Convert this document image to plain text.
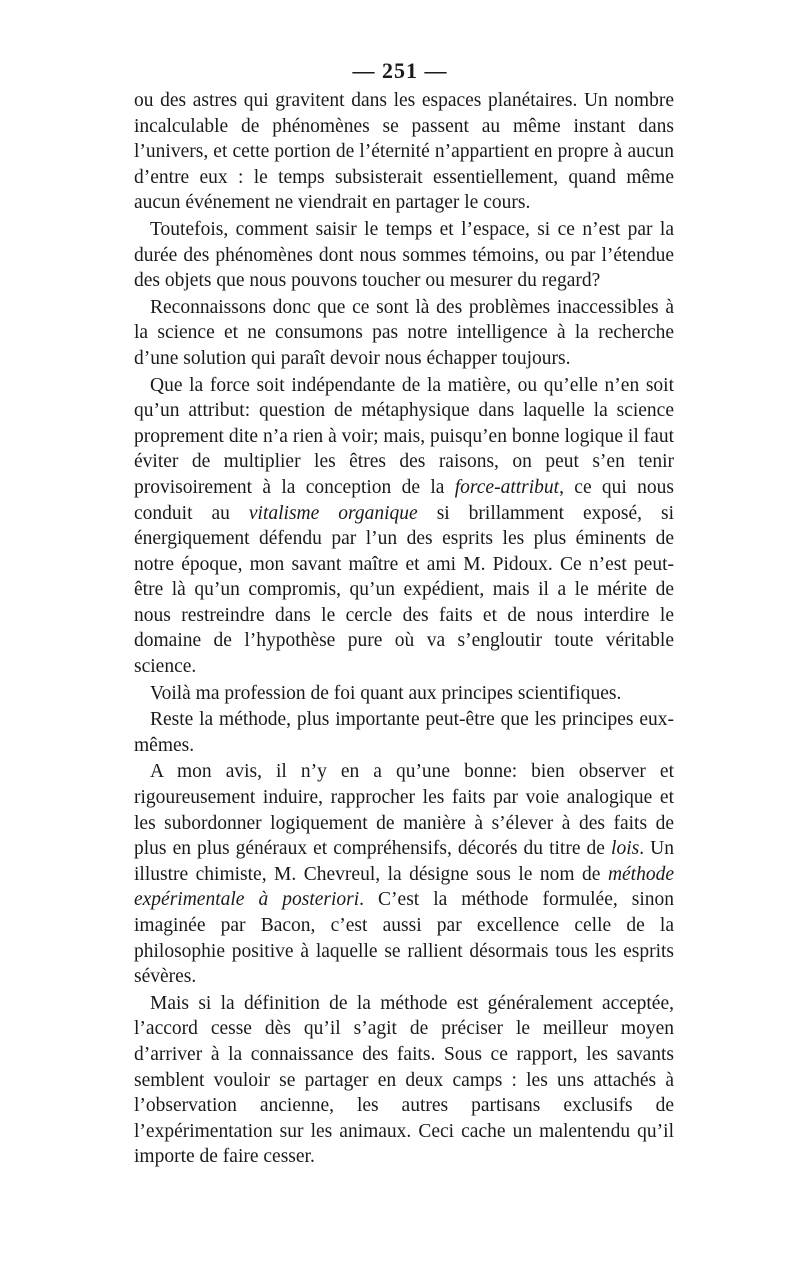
— 251 —

ou des astres qui gravitent dans les espaces planétaires. Un nombre incalculable de phénomènes se passent au même instant dans l’univers, et cette portion de l’éternité n’appartient en propre à aucun d’entre eux : le temps subsisterait essentiellement, quand même aucun événement ne viendrait en partager le cours.

Toutefois, comment saisir le temps et l’espace, si ce n’est par la durée des phénomènes dont nous sommes témoins, ou par l’étendue des objets que nous pouvons toucher ou mesurer du regard?

Reconnaissons donc que ce sont là des problèmes inaccessibles à la science et ne consumons pas notre intelligence à la recherche d’une solution qui paraît devoir nous échapper toujours.

Que la force soit indépendante de la matière, ou qu’elle n’en soit qu’un attribut: question de métaphysique dans laquelle la science proprement dite n’a rien à voir; mais, puisqu’en bonne logique il faut éviter de multiplier les êtres des raisons, on peut s’en tenir provisoirement à la conception de la force-attribut, ce qui nous conduit au vitalisme organique si brillamment exposé, si énergiquement défendu par l’un des esprits les plus éminents de notre époque, mon savant maître et ami M. Pidoux. Ce n’est peut-être là qu’un compromis, qu’un expédient, mais il a le mérite de nous restreindre dans le cercle des faits et de nous interdire le domaine de l’hypothèse pure où va s’engloutir toute véritable science.

Voilà ma profession de foi quant aux principes scientifiques.

Reste la méthode, plus importante peut-être que les principes eux-mêmes.

A mon avis, il n’y en a qu’une bonne: bien observer et rigoureusement induire, rapprocher les faits par voie analogique et les subordonner logiquement de manière à s’élever à des faits de plus en plus généraux et compréhensifs, décorés du titre de lois. Un illustre chimiste, M. Chevreul, la désigne sous le nom de méthode expérimentale à posteriori. C’est la méthode formulée, sinon imaginée par Bacon, c’est aussi par excellence celle de la philosophie positive à laquelle se rallient désormais tous les esprits sévères.

Mais si la définition de la méthode est généralement acceptée, l’accord cesse dès qu’il s’agit de préciser le meilleur moyen d’arriver à la connaissance des faits. Sous ce rapport, les savants semblent vouloir se partager en deux camps : les uns attachés à l’observation ancienne, les autres partisans exclusifs de l’expérimentation sur les animaux. Ceci cache un malentendu qu’il importe de faire cesser.
